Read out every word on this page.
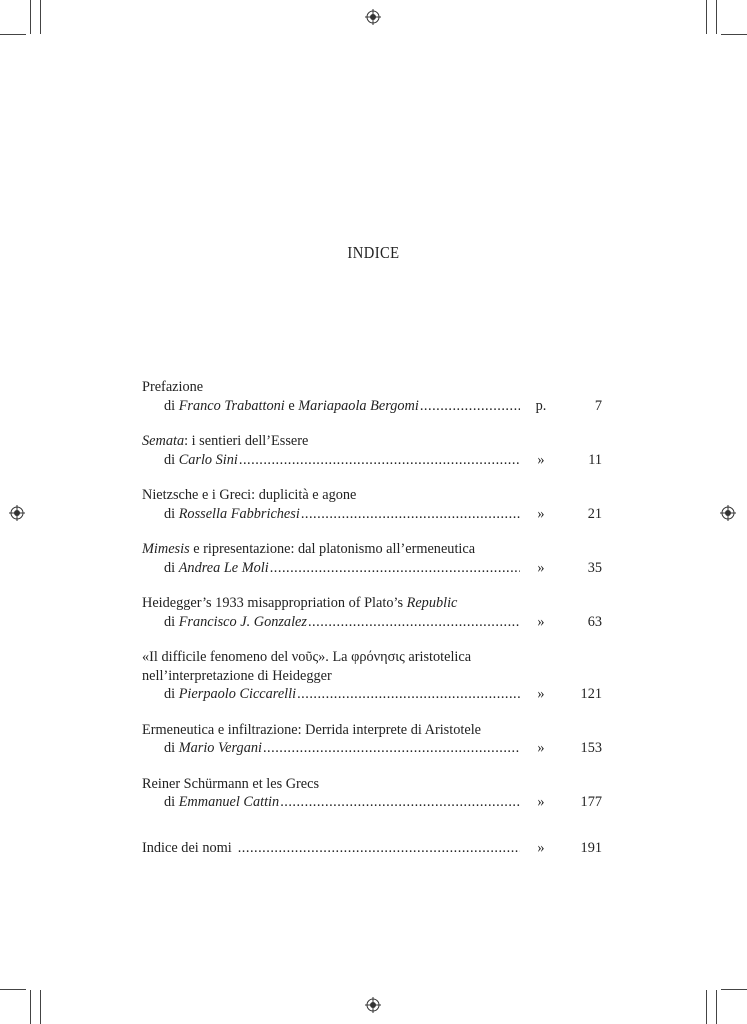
INDICE
Prefazione
di Franco Trabattoni e Mariapaola Bergomi .....	p.	7
Semata: i sentieri dell’Essere
di Carlo Sini .....	»	11
Nietzsche e i Greci: duplicità e agone
di Rossella Fabbrichesi .....	»	21
Mimesis e ripresentazione: dal platonismo all’ermeneutica
di Andrea Le Moli .....	»	35
Heidegger’s 1933 misappropriation of Plato’s Republic
di Francisco J. Gonzalez .....	»	63
«Il difficile fenomeno del νοῦς». La φρόνησις aristotelica
nell’interpretazione di Heidegger
di Pierpaolo Ciccarelli .....	»	121
Ermeneutica e infiltrazione: Derrida interprete di Aristotele
di Mario Vergani .....	»	153
Reiner Schürmann et les Grecs
di Emmanuel Cattin .....	»	177
Indice dei nomi .....	»	191
